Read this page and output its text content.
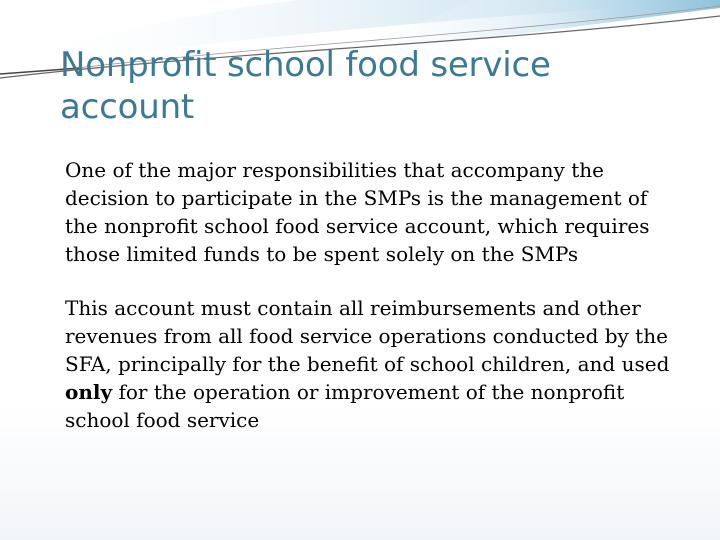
Nonprofit school food service account

One of the major responsibilities that accompany the decision to participate in the SMPs is the management of the nonprofit school food service account, which requires those limited funds to be spent solely on the SMPs

This account must contain all reimbursements and other revenues from all food service operations conducted by the SFA, principally for the benefit of school children, and used only for the operation or improvement of the nonprofit school food service
